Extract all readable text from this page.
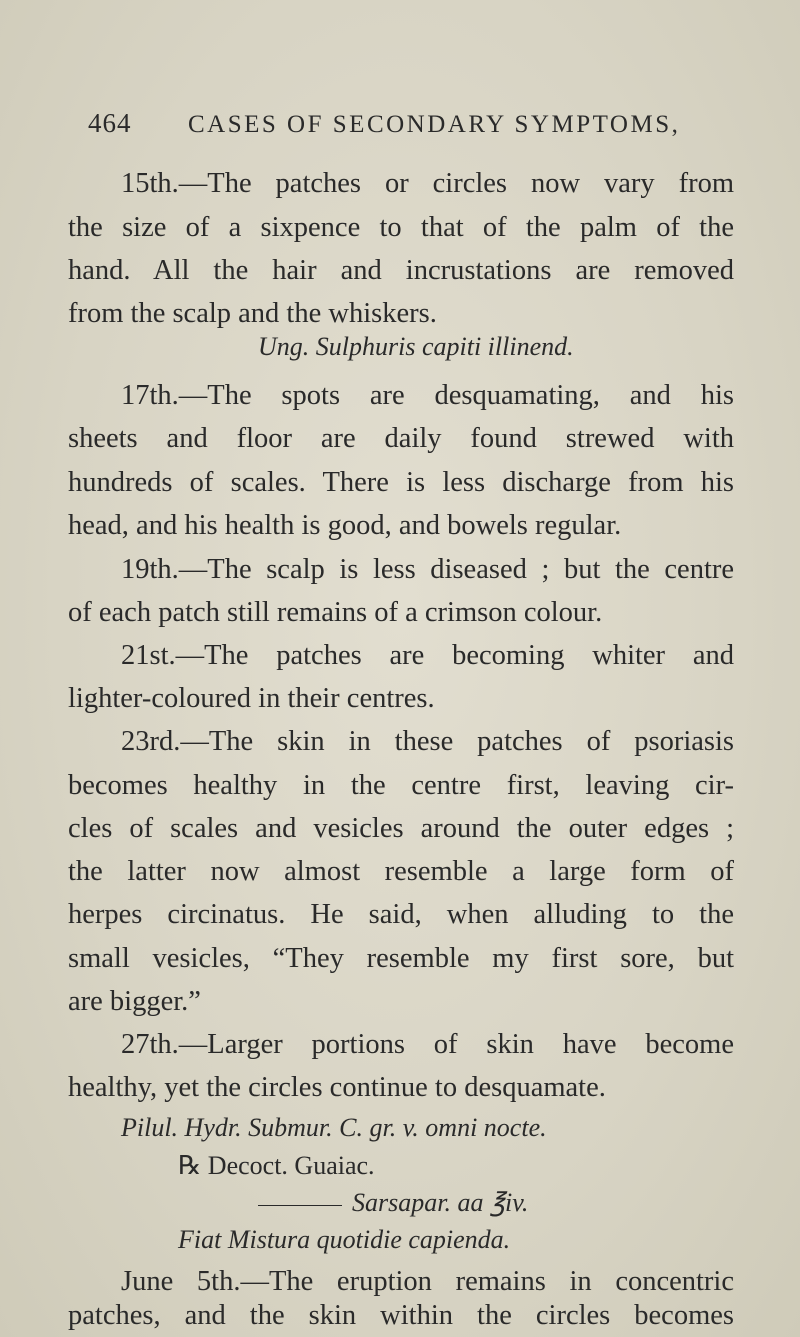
464 CASES OF SECONDARY SYMPTOMS,
15th.—The patches or circles now vary from
the size of a sixpence to that of the palm of the
hand. All the hair and incrustations are removed
from the scalp and the whiskers.
Ung. Sulphuris capiti illinend.
17th.—The spots are desquamating, and his
sheets and floor are daily found strewed with
hundreds of scales. There is less discharge from his
head, and his health is good, and bowels regular.
19th.—The scalp is less diseased ; but the centre
of each patch still remains of a crimson colour.
21st.—The patches are becoming whiter and
lighter-coloured in their centres.
23rd.—The skin in these patches of psoriasis
becomes healthy in the centre first, leaving cir-
cles of scales and vesicles around the outer edges ;
the latter now almost resemble a large form of
herpes circinatus. He said, when alluding to the
small vesicles, “They resemble my first sore, but
are bigger.”
27th.—Larger portions of skin have become
healthy, yet the circles continue to desquamate.
Pilul. Hydr. Submur. C. gr. v. omni nocte.
℞ Decoct. Guaiac.
Sarsapar. aa ℥iv.
Fiat Mistura quotidie capienda.
June 5th.—The eruption remains in concentric
patches, and the skin within the circles becomes
